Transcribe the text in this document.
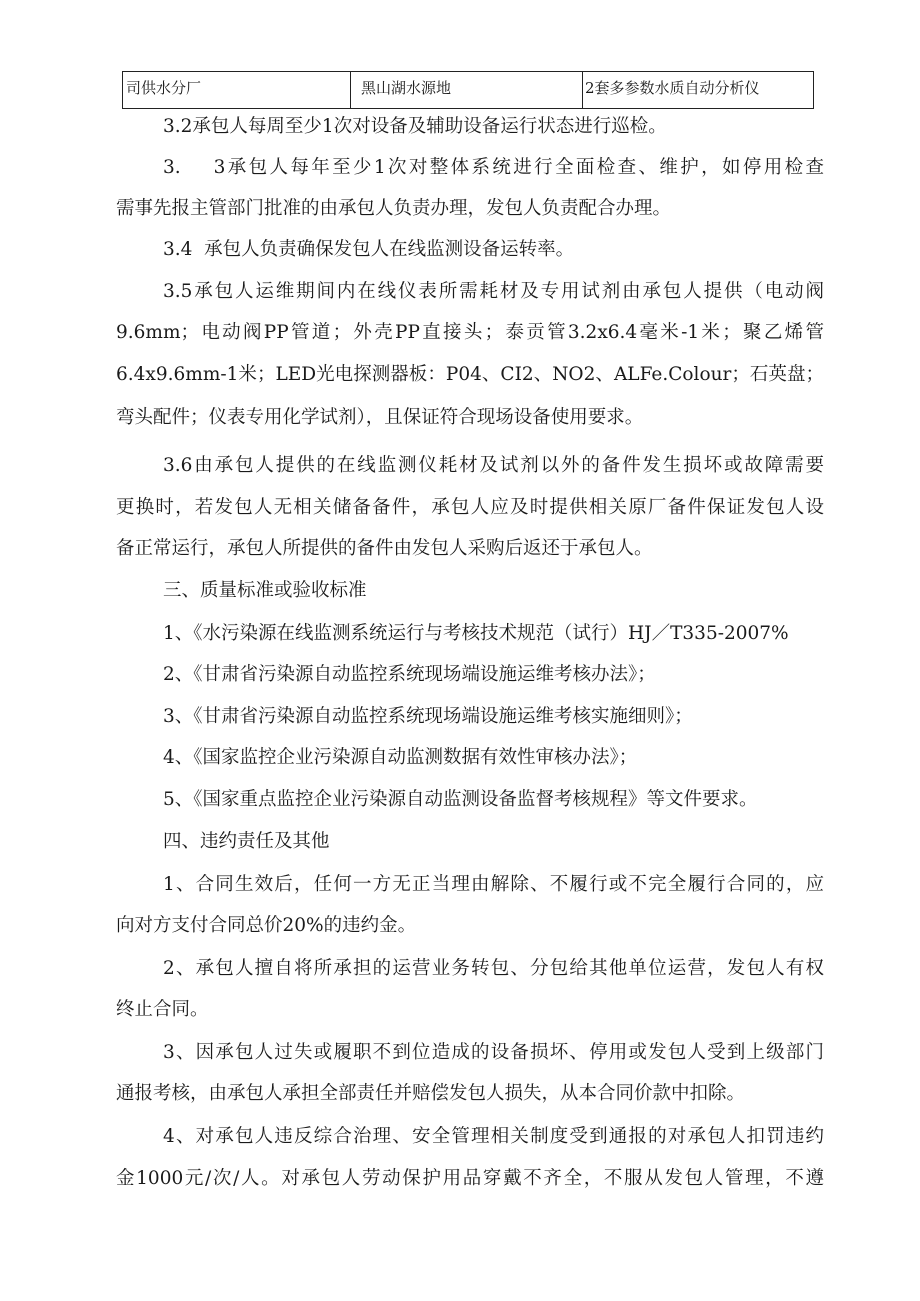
司供水分厂	黑山湖水源地	2套多参数水质自动分析仪
3.2承包人每周至少1次对设备及辅助设备运行状态进行巡检。
3.    3承包人每年至少1次对整体系统进行全面检查、维护，如停用检查
需事先报主管部门批准的由承包人负责办理，发包人负责配合办理。
3.4  承包人负责确保发包人在线监测设备运转率。
3.5承包人运维期间内在线仪表所需耗材及专用试剂由承包人提供（电动阀
9.6mm；电动阀PP管道；外壳PP直接头；泰贡管3.2x6.4毫米-1米；聚乙烯管
6.4x9.6mm-1米；LED光电探测器板：P04、CI2、NO2、ALFe.Colour；石英盘；
弯头配件；仪表专用化学试剂），且保证符合现场设备使用要求。
3.6由承包人提供的在线监测仪耗材及试剂以外的备件发生损坏或故障需要
更换时，若发包人无相关储备备件，承包人应及时提供相关原厂备件保证发包人设
备正常运行，承包人所提供的备件由发包人采购后返还于承包人。
三、质量标准或验收标准
1、《水污染源在线监测系统运行与考核技术规范（试行）HJ／T335-2007%
2、《甘肃省污染源自动监控系统现场端设施运维考核办法》；
3、《甘肃省污染源自动监控系统现场端设施运维考核实施细则》；
4、《国家监控企业污染源自动监测数据有效性审核办法》；
5、《国家重点监控企业污染源自动监测设备监督考核规程》等文件要求。
四、违约责任及其他
1、合同生效后，任何一方无正当理由解除、不履行或不完全履行合同的，应
向对方支付合同总价20%的违约金。
2、承包人擅自将所承担的运营业务转包、分包给其他单位运营，发包人有权
终止合同。
3、因承包人过失或履职不到位造成的设备损坏、停用或发包人受到上级部门
通报考核，由承包人承担全部责任并赔偿发包人损失，从本合同价款中扣除。
4、对承包人违反综合治理、安全管理相关制度受到通报的对承包人扣罚违约
金1000元/次/人。对承包人劳动保护用品穿戴不齐全，不服从发包人管理，不遵
